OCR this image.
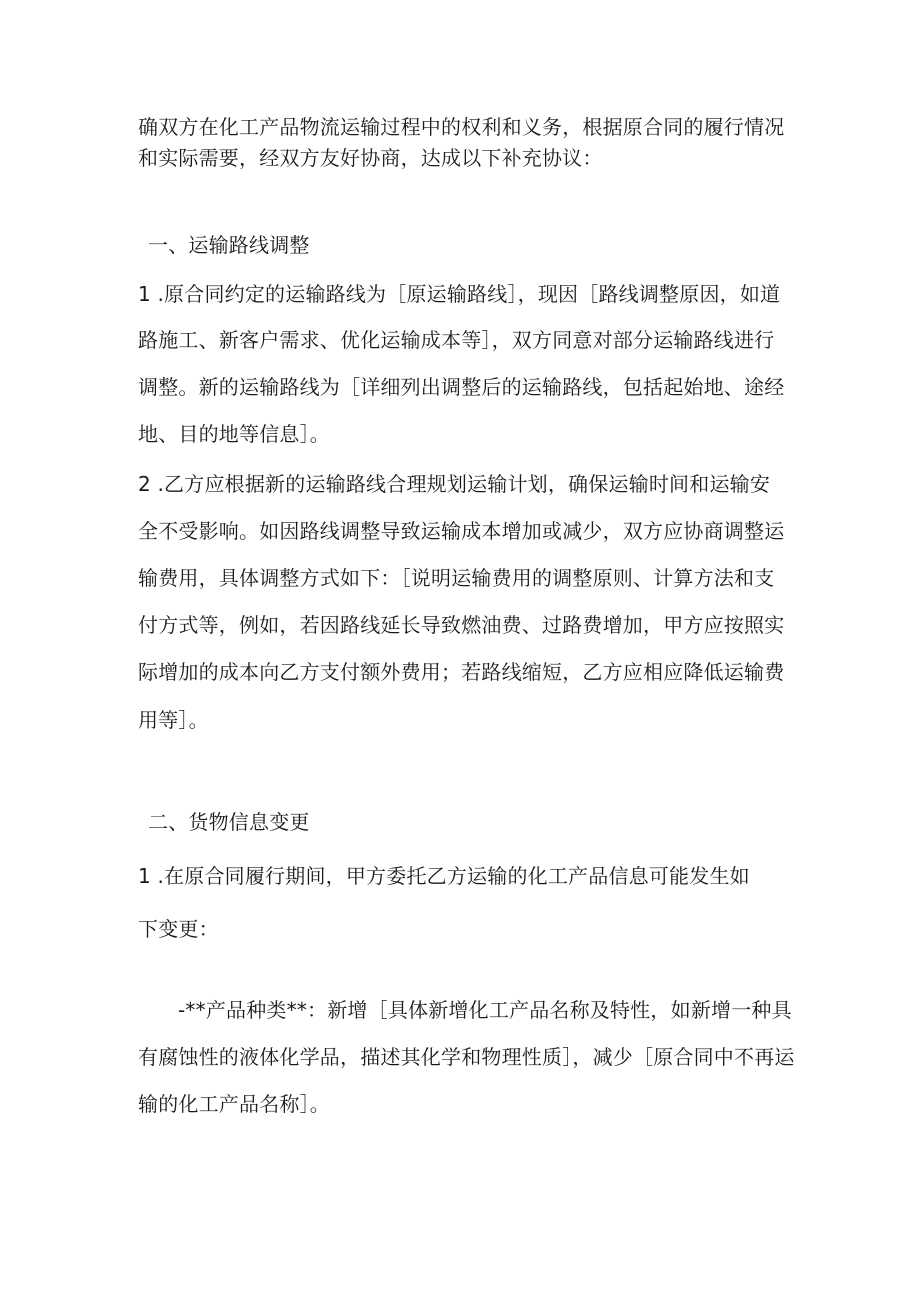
确双方在化工产品物流运输过程中的权利和义务，根据原合同的履行情况
和实际需要，经双方友好协商，达成以下补充协议：
一、运输路线调整
1 .原合同约定的运输路线为［原运输路线］，现因［路线调整原因，如道
路施工、新客户需求、优化运输成本等］，双方同意对部分运输路线进行
调整。新的运输路线为［详细列出调整后的运输路线，包括起始地、途经
地、目的地等信息］。
2 .乙方应根据新的运输路线合理规划运输计划，确保运输时间和运输安
全不受影响。如因路线调整导致运输成本增加或减少，双方应协商调整运
输费用，具体调整方式如下：［说明运输费用的调整原则、计算方法和支
付方式等，例如，若因路线延长导致燃油费、过路费增加，甲方应按照实
际增加的成本向乙方支付额外费用；若路线缩短，乙方应相应降低运输费
用等］。
二、货物信息变更
1 .在原合同履行期间，甲方委托乙方运输的化工产品信息可能发生如
下变更：
-**产品种类**：新增［具体新增化工产品名称及特性，如新增一种具
有腐蚀性的液体化学品，描述其化学和物理性质］，减少［原合同中不再运
输的化工产品名称］。
